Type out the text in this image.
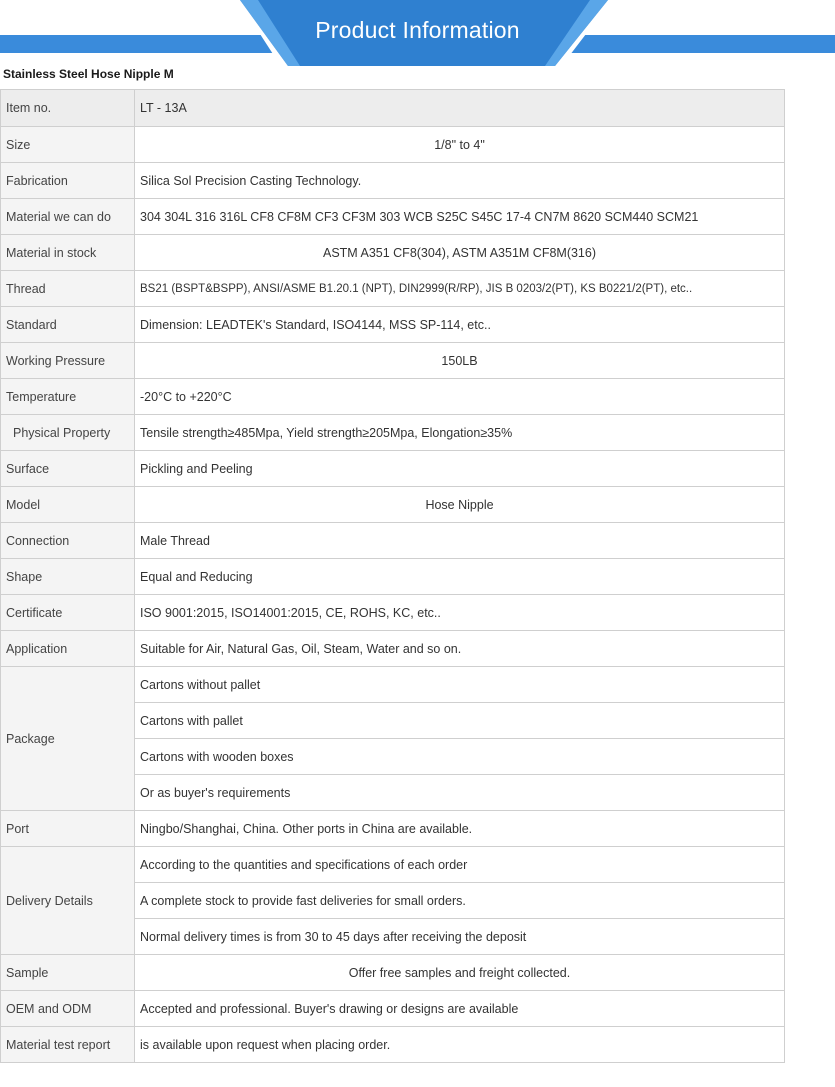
Product Information
Stainless Steel Hose Nipple M
Item no.	LT - 13A
Size	1/8" to 4"
Fabrication	Silica Sol Precision Casting Technology.
Material we can do	304 304L 316 316L CF8 CF8M CF3 CF3M 303 WCB S25C S45C 17-4 CN7M 8620 SCM440 SCM21
Material in stock	ASTM A351 CF8(304), ASTM A351M CF8M(316)
Thread	BS21 (BSPT&BSPP), ANSI/ASME B1.20.1 (NPT), DIN2999(R/RP), JIS B 0203/2(PT), KS B0221/2(PT), etc..
Standard	Dimension: LEADTEK's Standard, ISO4144, MSS SP-114, etc..
Working Pressure	150LB
Temperature	-20°C to +220°C
Physical Property	Tensile strength≥485Mpa, Yield strength≥205Mpa, Elongation≥35%
Surface	Pickling and Peeling
Model	Hose Nipple
Connection	Male Thread
Shape	Equal and Reducing
Certificate	ISO 9001:2015, ISO14001:2015, CE, ROHS, KC, etc..
Application	Suitable for Air, Natural Gas, Oil, Steam, Water and so on.
Package	Cartons without pallet
	Cartons with pallet
	Cartons with wooden boxes
	Or as buyer's requirements
Port	Ningbo/Shanghai, China. Other ports in China are available.
Delivery Details	According to the quantities and specifications of each order
	A complete stock to provide fast deliveries for small orders.
	Normal delivery times is from 30 to 45 days after receiving the deposit
Sample	Offer free samples and freight collected.
OEM and ODM	Accepted and professional. Buyer's drawing or designs are available
Material test report	is available upon request when placing order.
